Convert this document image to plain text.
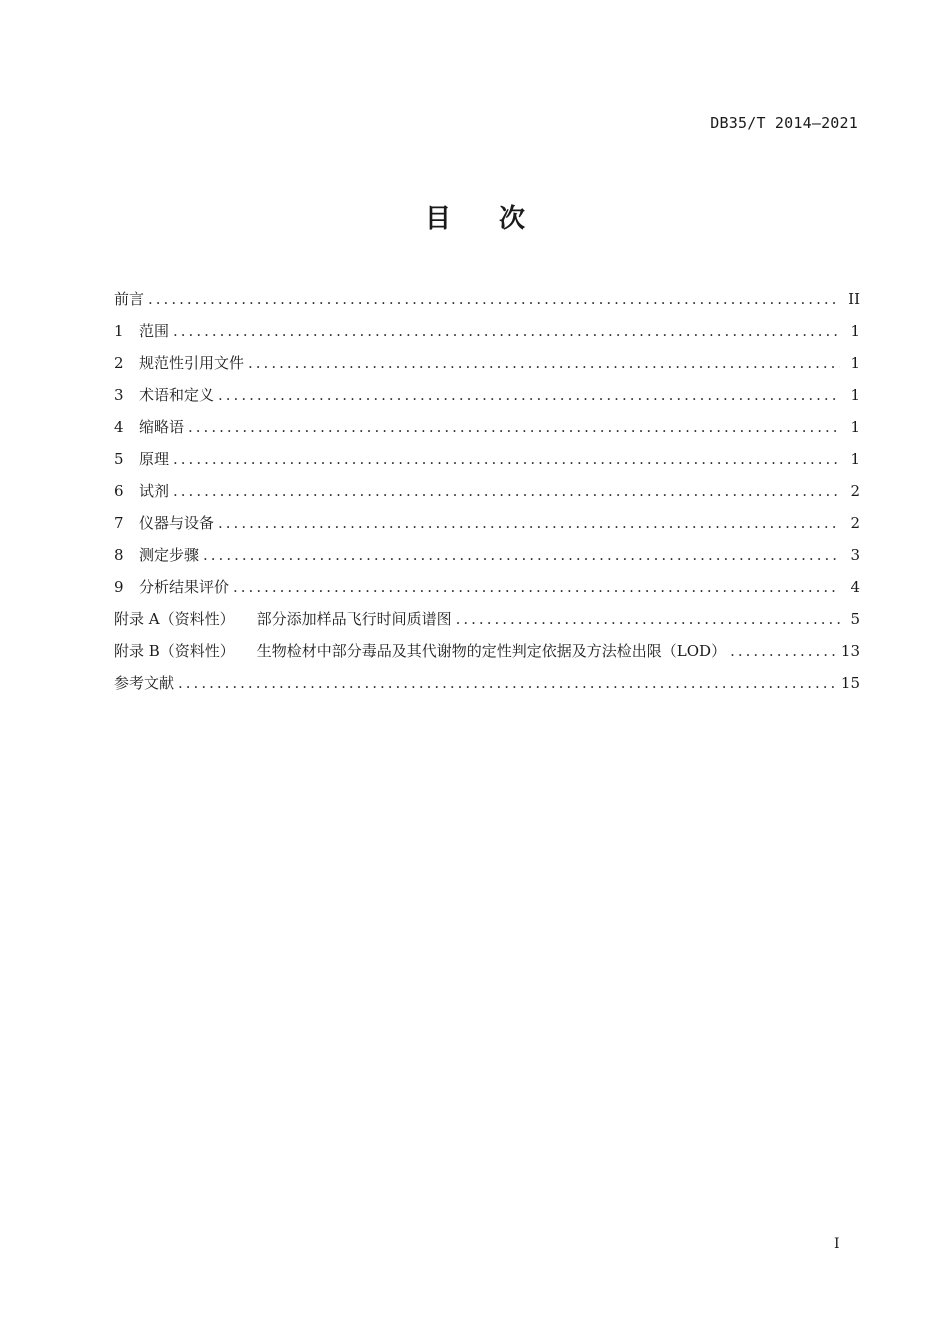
DB35/T 2014—2021
目 次
前言 .....	II
1 范围 .....	1
2 规范性引用文件 .....	1
3 术语和定义 .....	1
4 缩略语 .....	1
5 原理 .....	1
6 试剂 .....	2
7 仪器与设备 .....	2
8 测定步骤 .....	3
9 分析结果评价 .....	4
附录 A（资料性） 部分添加样品飞行时间质谱图 .....	5
附录 B（资料性） 生物检材中部分毒品及其代谢物的定性判定依据及方法检出限（LOD） .....	13
参考文献 .....	15
I
